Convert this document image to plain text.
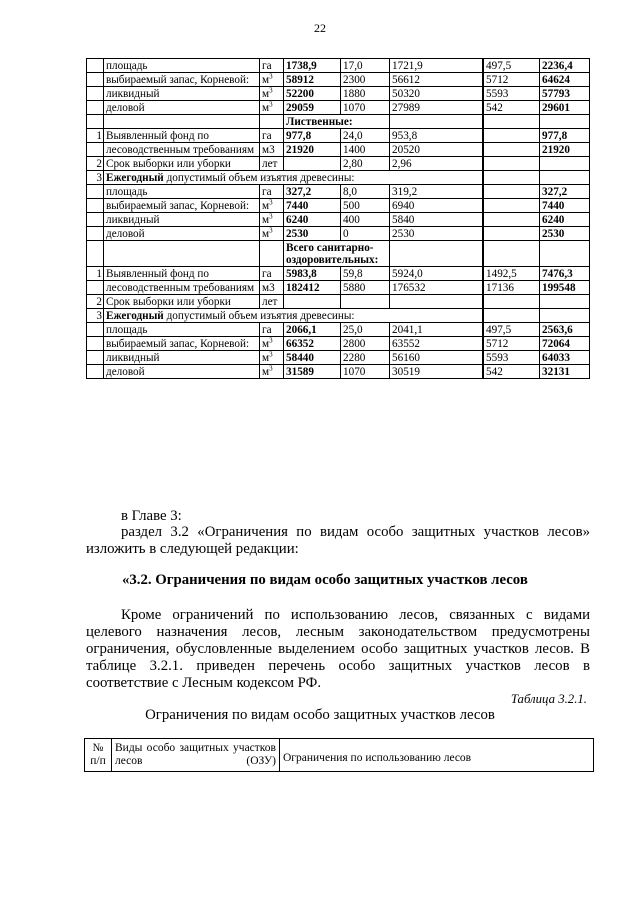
22
	площадь	га	1738,9	17,0	1721,9		497,5	2236,4
	выбираемый запас, Корневой:	$м^3$	58912	2300	56612		5712	64624
	ликвидный	$м^3$	52200	1880	50320		5593	57793
	деловой	$м^3$	29059	1070	27989		542	29601
			Лиственные:				
1	Выявленный фонд по	га	977,8	24,0	953,8			977,8
	лесоводственным требованиям	м3	21920	1400	20520			21920
2	Срок выборки или уборки	лет		2,80	2,96			
3	Ежегодный допустимый объем изъятия древесины:						
	площадь	га	327,2	8,0	319,2			327,2
	выбираемый запас, Корневой:	$м^3$	7440	500	6940			7440
	ликвидный	$м^3$	6240	400	5840			6240
	деловой	$м^3$	2530	0	2530			2530
			Всего санитарно-оздоровительных:				
1	Выявленный фонд по	га	5983,8	59,8	5924,0		1492,5	7476,3
	лесоводственным требованиям	м3	182412	5880	176532		17136	199548
2	Срок выборки или уборки	лет						
3	Ежегодный допустимый объем изъятия древесины:						
	площадь	га	2066,1	25,0	2041,1		497,5	2563,6
	выбираемый запас, Корневой:	$м^3$	66352	2800	63552		5712	72064
	ликвидный	$м^3$	58440	2280	56160		5593	64033
	деловой	$м^3$	31589	1070	30519		542	32131
в Главе 3:
раздел 3.2 «Ограничения по видам особо защитных участков лесов» изложить в следующей редакции:
«3.2. Ограничения по видам особо защитных участков лесов
Кроме ограничений по использованию лесов, связанных с видами целевого назначения лесов, лесным законодательством предусмотрены ограничения, обусловленные выделением особо защитных участков лесов. В таблице 3.2.1. приведен перечень особо защитных участков лесов в соответствие с Лесным кодексом РФ.
Таблица 3.2.1.
Ограничения по видам особо защитных участков лесов
№ п/п	Виды особо защитных участков лесов (ОЗУ)	Ограничения по использованию лесов
